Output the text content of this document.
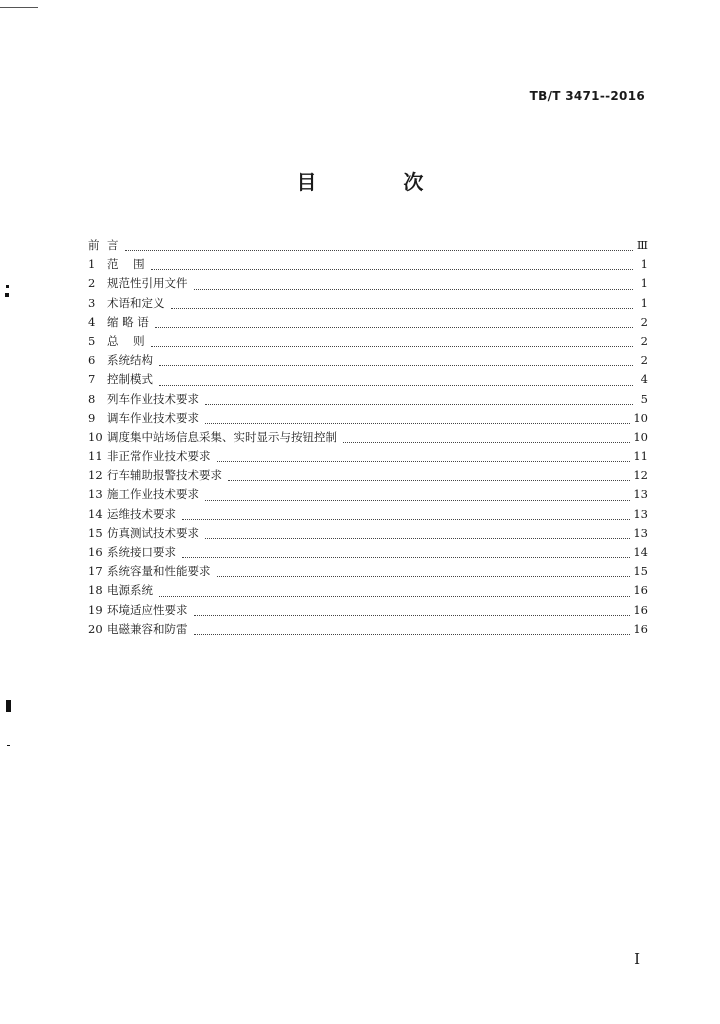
TB/T 3471--2016
目   次
前 言	Ⅲ
1	范    围	1
2	规范性引用文件	1
3	术语和定义	1
4	缩 略 语	2
5	总    则	2
6	系统结构	2
7	控制模式	4
8	列车作业技术要求	5
9	调车作业技术要求	10
10 调度集中站场信息采集、实时显示与按钮控制	10
11 非正常作业技术要求	11
12 行车辅助报警技术要求	12
13 施工作业技术要求	13
14 运维技术要求	13
15 仿真测试技术要求	13
16 系统接口要求	14
17 系统容量和性能要求	15
18 电源系统	16
19 环境适应性要求	16
20 电磁兼容和防雷	16
I
